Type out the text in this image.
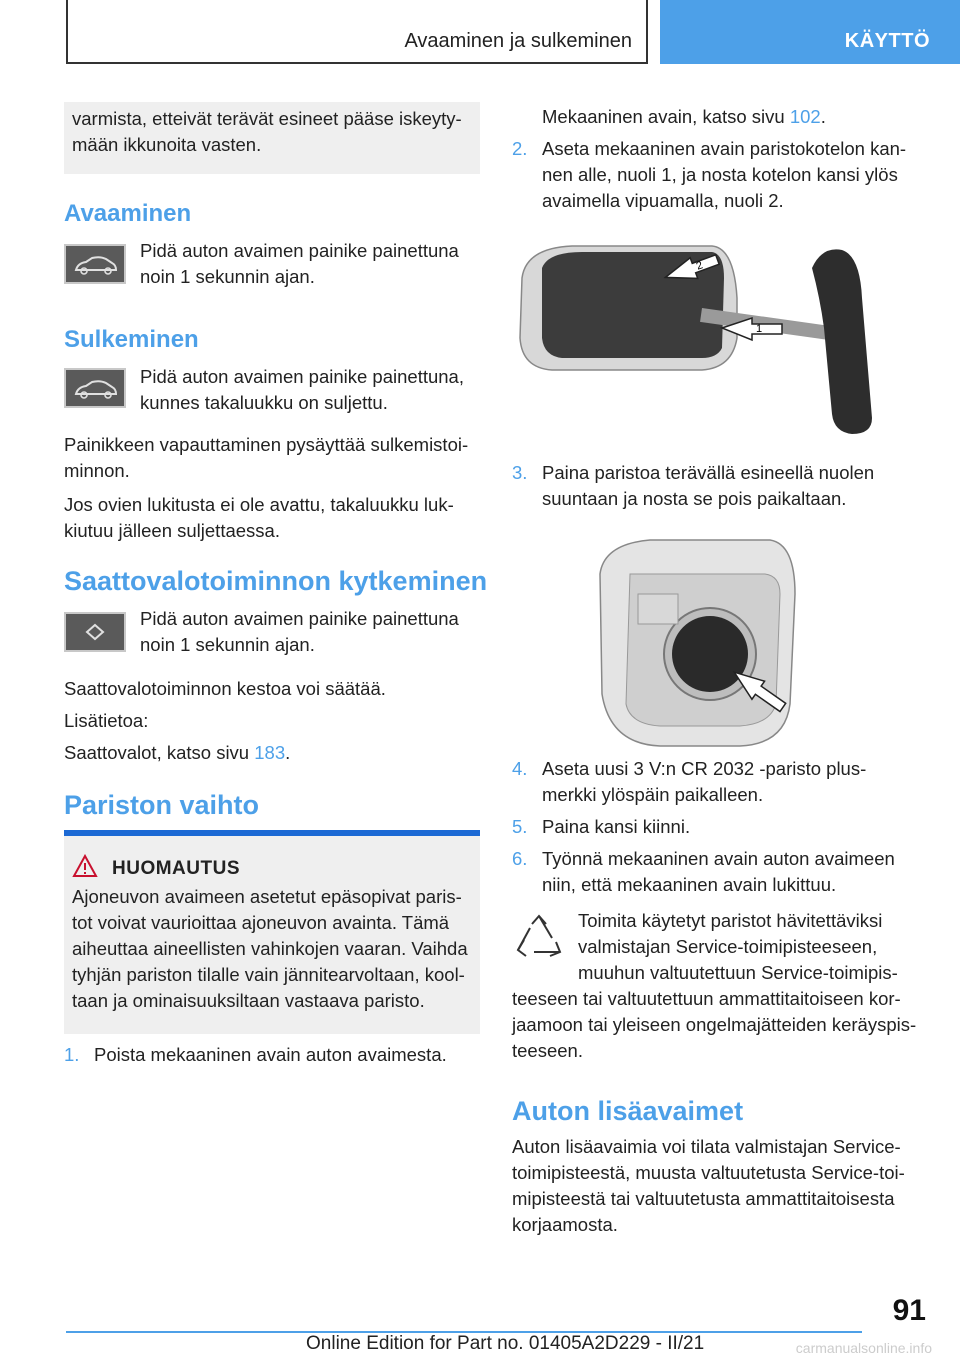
Avaaminen ja sulkeminen	KÄYTTÖ

varmista, etteivät terävät esineet pääse iskeyty-

mään ikkunoita vasten.

Avaaminen

Pidä auton avaimen painike painettuna

noin 1 sekunnin ajan.

Sulkeminen

Pidä auton avaimen painike painettuna,

kunnes takaluukku on suljettu.

Painikkeen vapauttaminen pysäyttää sulkemistoi-

minnon.

Jos ovien lukitusta ei ole avattu, takaluukku luk-

kiutuu jälleen suljettaessa.

Saattovalotoiminnon kytkeminen

Pidä auton avaimen painike painettuna

noin 1 sekunnin ajan.

Saattovalotoiminnon kestoa voi säätää.

Lisätietoa:

Saattovalot, katso sivu 183.

Pariston vaihto

HUOMAUTUS

Ajoneuvon avaimeen asetetut epäsopivat paris-

tot voivat vaurioittaa ajoneuvon avainta. Tämä

aiheuttaa aineellisten vahinkojen vaaran. Vaihda

tyhjän pariston tilalle vain jännitearvoltaan, kool-

taan ja ominaisuuksiltaan vastaava paristo.

1. Poista mekaaninen avain auton avaimesta.

Mekaaninen avain, katso sivu 102.

2. Aseta mekaaninen avain paristokotelon kan-

nen alle, nuoli 1, ja nosta kotelon kansi ylös

avaimella vipuamalla, nuoli 2.

1
2
3. Paina paristoa terävällä esineellä nuolen

suuntaan ja nosta se pois paikaltaan.

4. Aseta uusi 3 V:n CR 2032 -paristo plus-

merkki ylöspäin paikalleen.

5. Paina kansi kiinni.

6. Työnnä mekaaninen avain auton avaimeen

niin, että mekaaninen avain lukittuu.

Toimita käytetyt paristot hävitettäviksi

valmistajan Service-toimipisteeseen,

muuhun valtuutettuun Service-toimipis-

teeseen tai valtuutettuun ammattitaitoiseen kor-

jaamoon tai yleiseen ongelmajätteiden keräyspis-

teeseen.

Auton lisäavaimet

Auton lisäavaimia voi tilata valmistajan Service-

toimipisteestä, muusta valtuutetusta Service-toi-

mipisteestä tai valtuutetusta ammattitaitoisesta

korjaamosta.

91
Online Edition for Part no. 01405A2D229 - II/21	carmanualsonline.info
